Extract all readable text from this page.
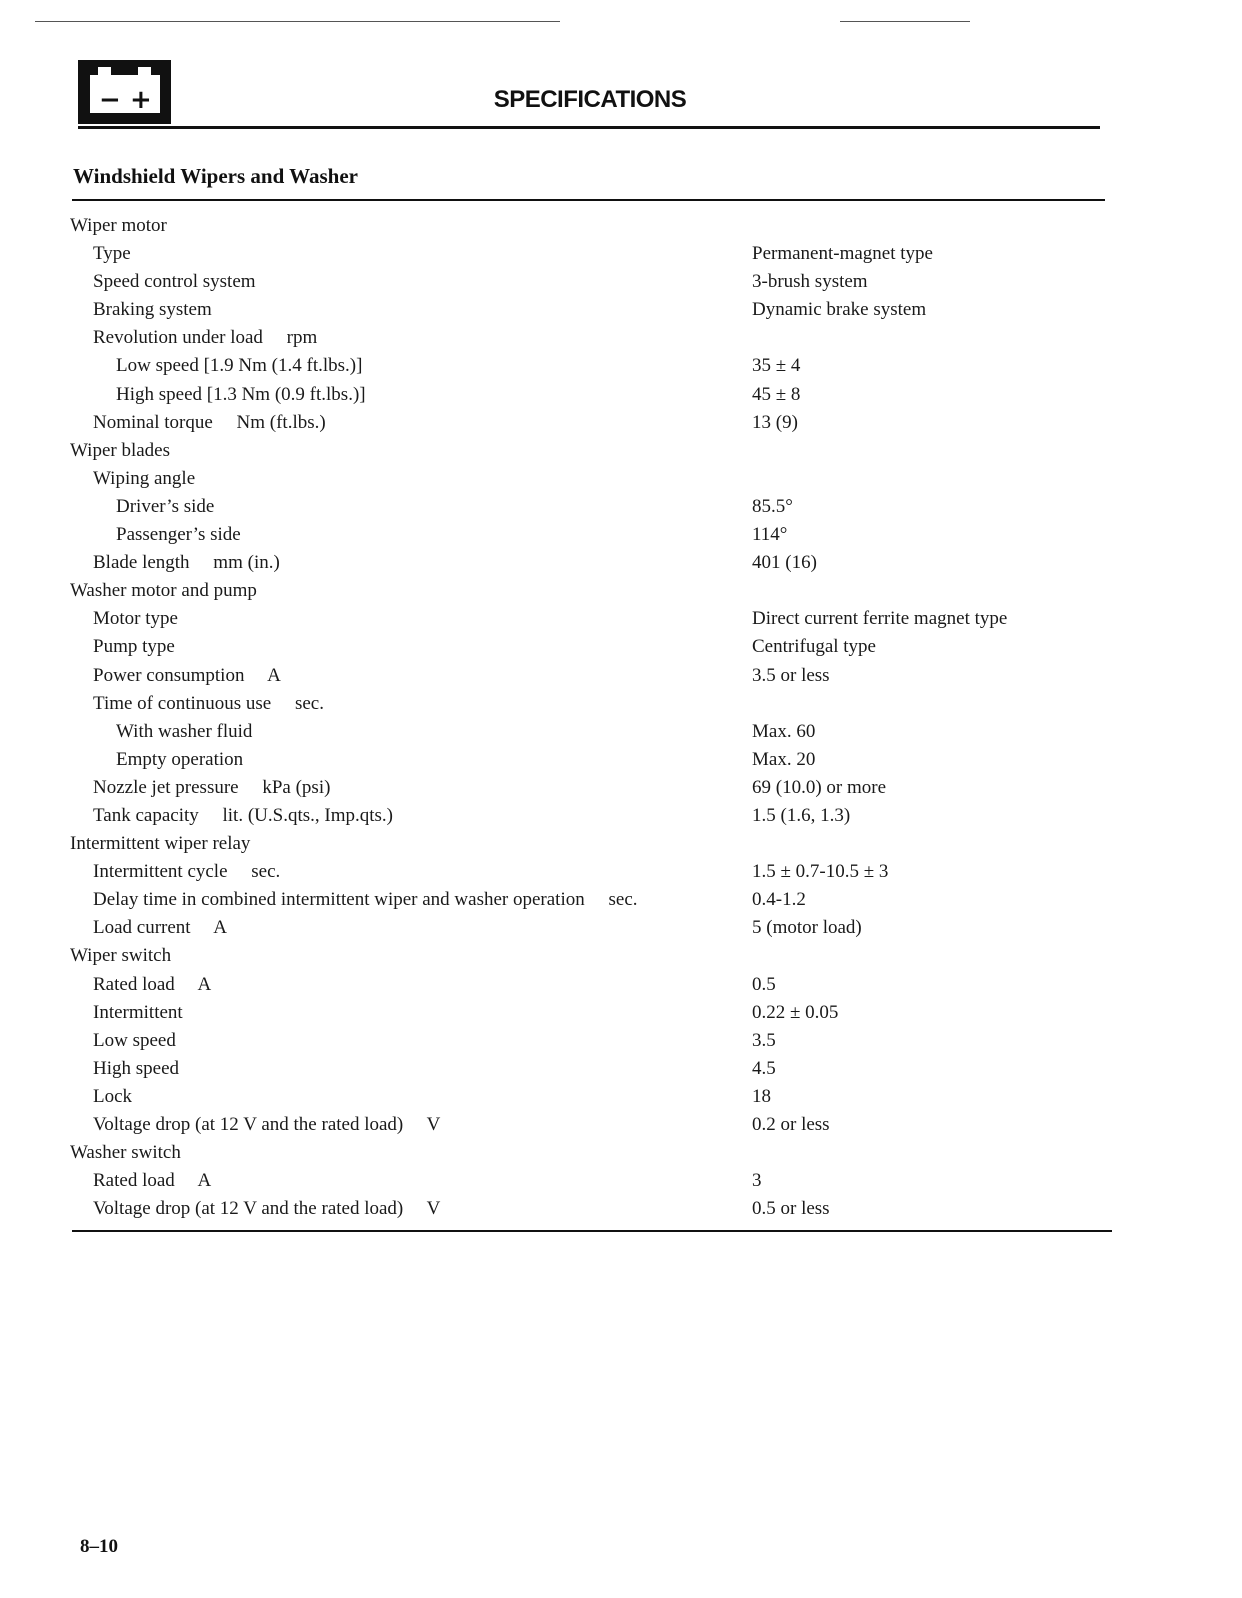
− +	SPECIFICATIONS
Windshield Wipers and Washer
Wiper motor
Type	Permanent-magnet type
Speed control system	3-brush system
Braking system	Dynamic brake system
Revolution under load     rpm
Low speed [1.9 Nm (1.4 ft.lbs.)]	35 ± 4
High speed [1.3 Nm (0.9 ft.lbs.)]	45 ± 8
Nominal torque     Nm (ft.lbs.)	13 (9)
Wiper blades
Wiping angle
Driver’s side	85.5°
Passenger’s side	114°
Blade length     mm (in.)	401 (16)
Washer motor and pump
Motor type	Direct current ferrite magnet type
Pump type	Centrifugal type
Power consumption     A	3.5 or less
Time of continuous use     sec.
With washer fluid	Max. 60
Empty operation	Max. 20
Nozzle jet pressure     kPa (psi)	69 (10.0) or more
Tank capacity     lit. (U.S.qts., Imp.qts.)	1.5 (1.6, 1.3)
Intermittent wiper relay
Intermittent cycle     sec.	1.5 ± 0.7-10.5 ± 3
Delay time in combined intermittent wiper and washer operation     sec.	0.4-1.2
Load current     A	5 (motor load)
Wiper switch
Rated load     A	0.5
Intermittent	0.22 ± 0.05
Low speed	3.5
High speed	4.5
Lock	18
Voltage drop (at 12 V and the rated load)     V	0.2 or less
Washer switch
Rated load     A	3
Voltage drop (at 12 V and the rated load)     V	0.5 or less
8–10
